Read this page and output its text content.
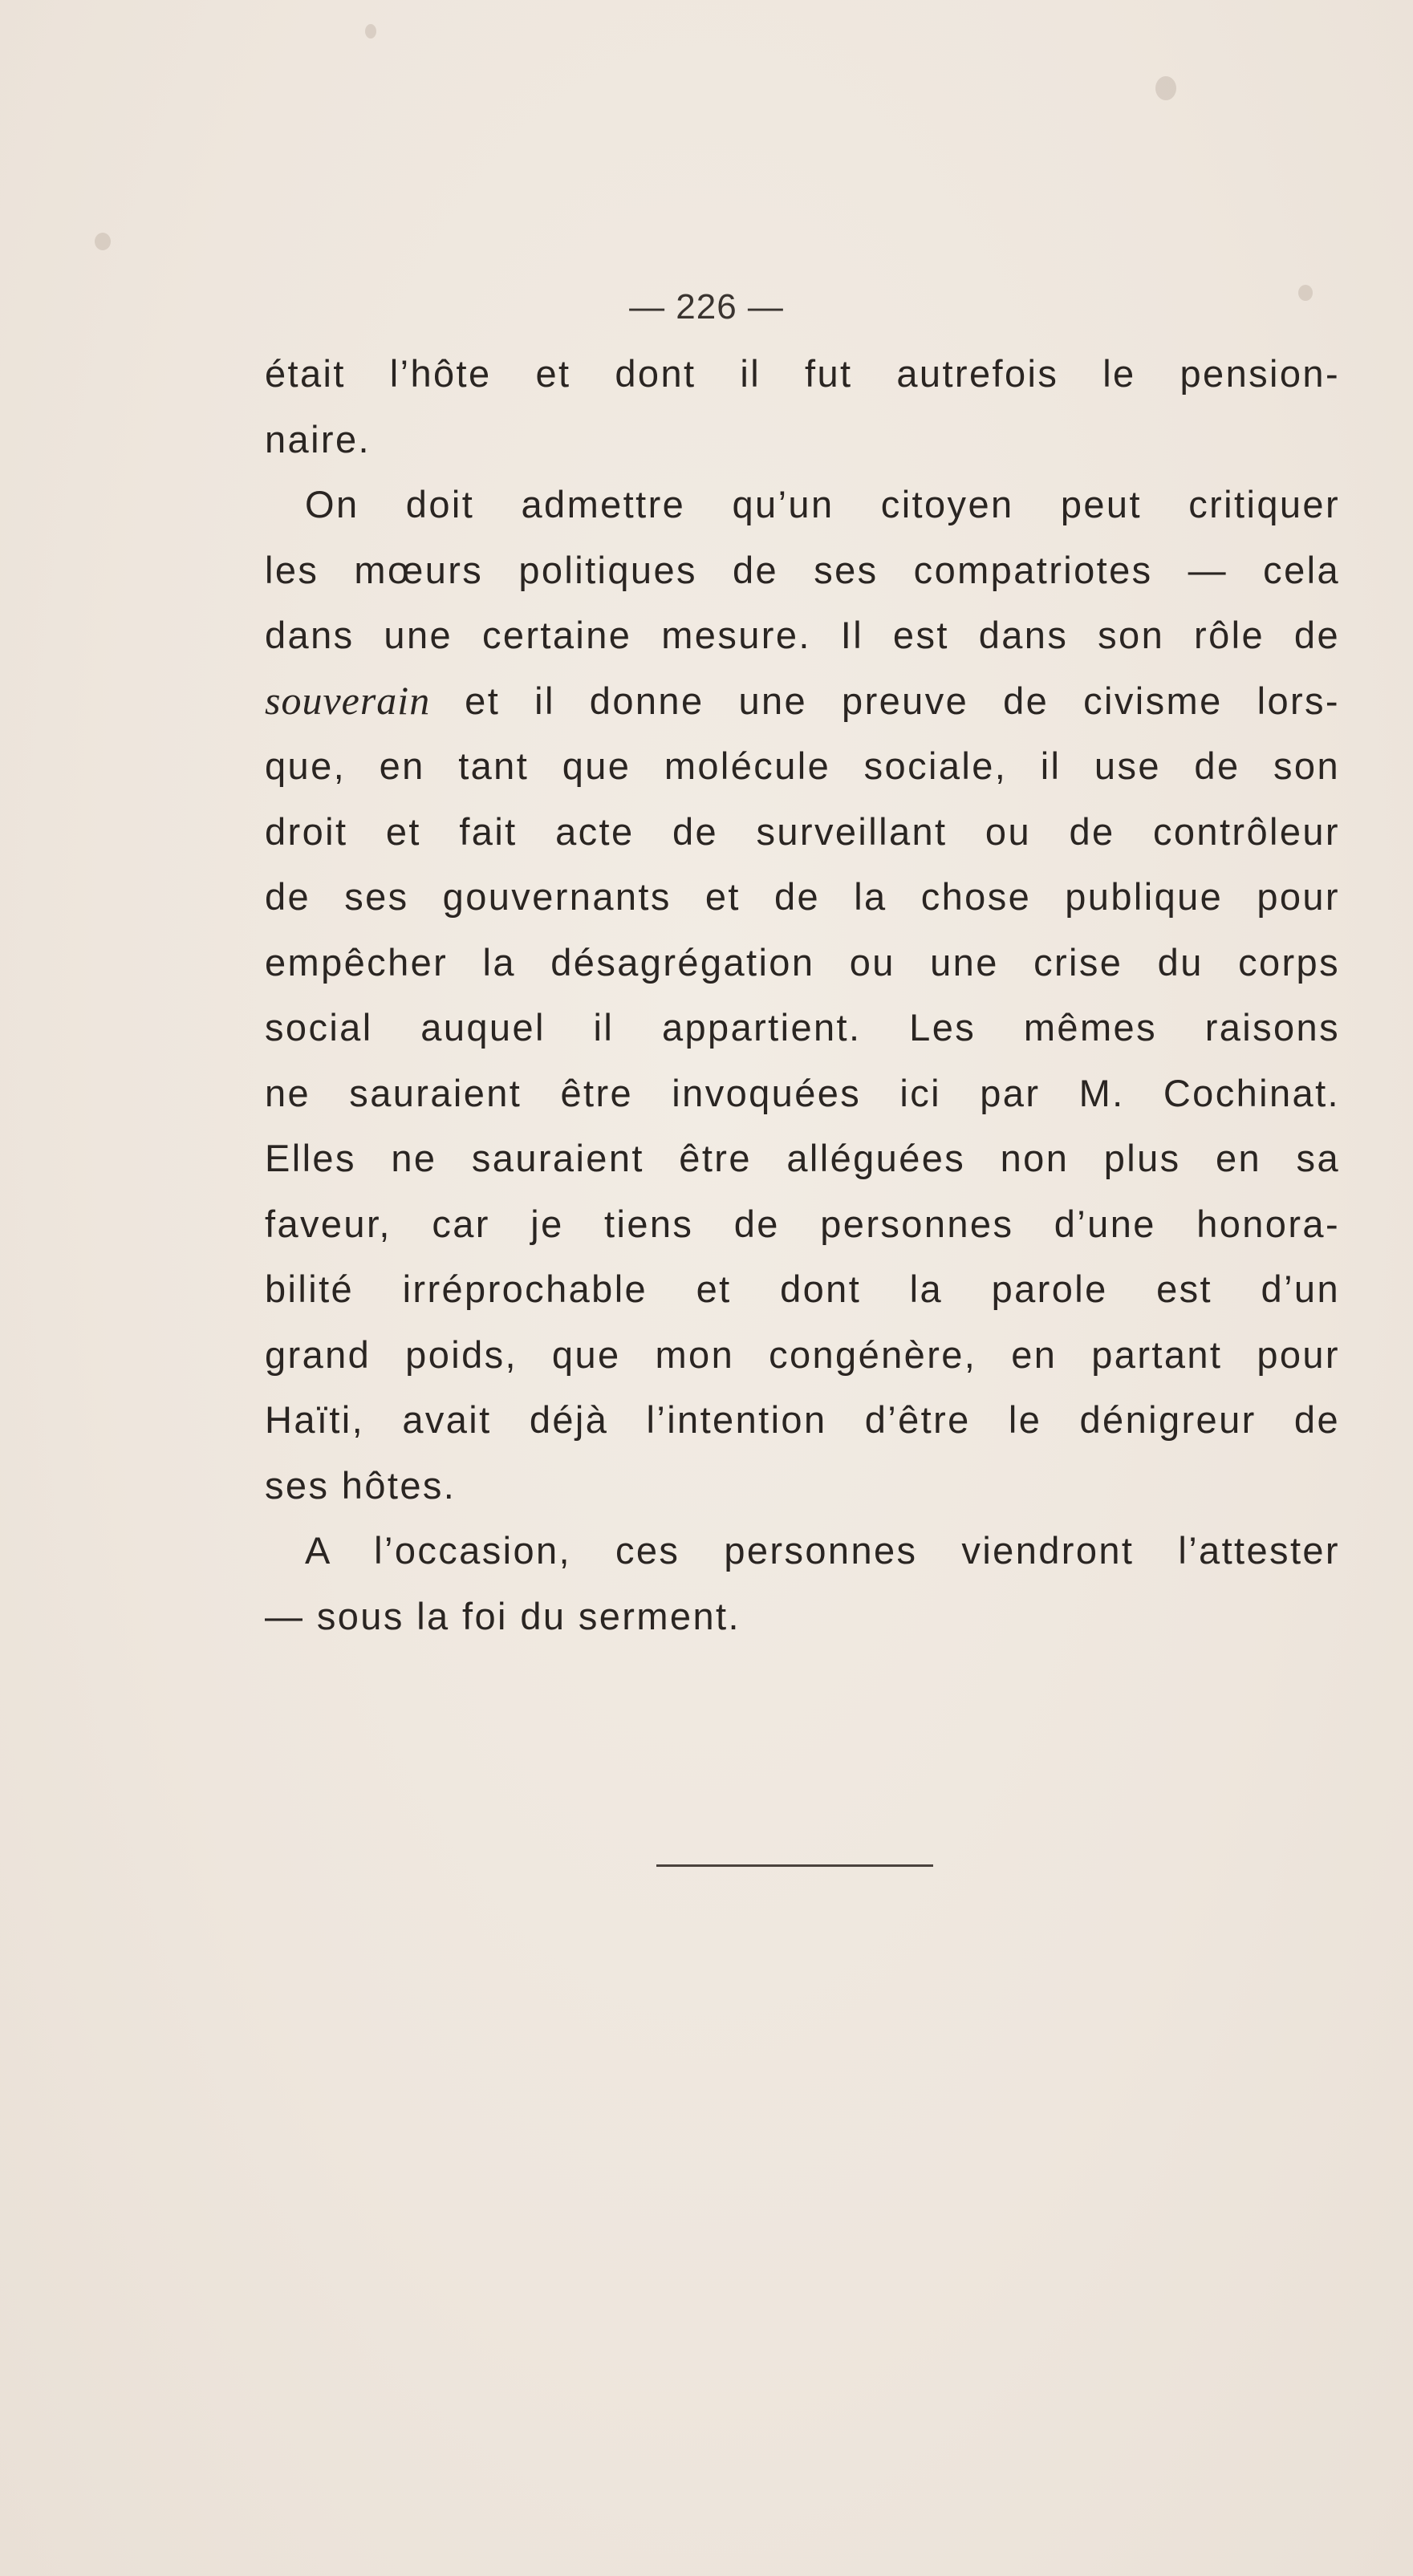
— 226 —
était l’hôte et dont il fut autrefois le pension-
naire.
On doit admettre qu’un citoyen peut critiquer
les mœurs politiques de ses compatriotes — cela
dans une certaine mesure. Il est dans son rôle de
souverain et il donne une preuve de civisme lors-
que, en tant que molécule sociale, il use de son
droit et fait acte de surveillant ou de contrôleur
de ses gouvernants et de la chose publique pour
empêcher la désagrégation ou une crise du corps
social auquel il appartient. Les mêmes raisons
ne sauraient être invoquées ici par M. Cochinat.
Elles ne sauraient être alléguées non plus en sa
faveur, car je tiens de personnes d’une honora-
bilité irréprochable et dont la parole est d’un
grand poids, que mon congénère, en partant pour
Haïti, avait déjà l’intention d’être le dénigreur de
ses hôtes.
A l’occasion, ces personnes viendront l’attester
— sous la foi du serment.
